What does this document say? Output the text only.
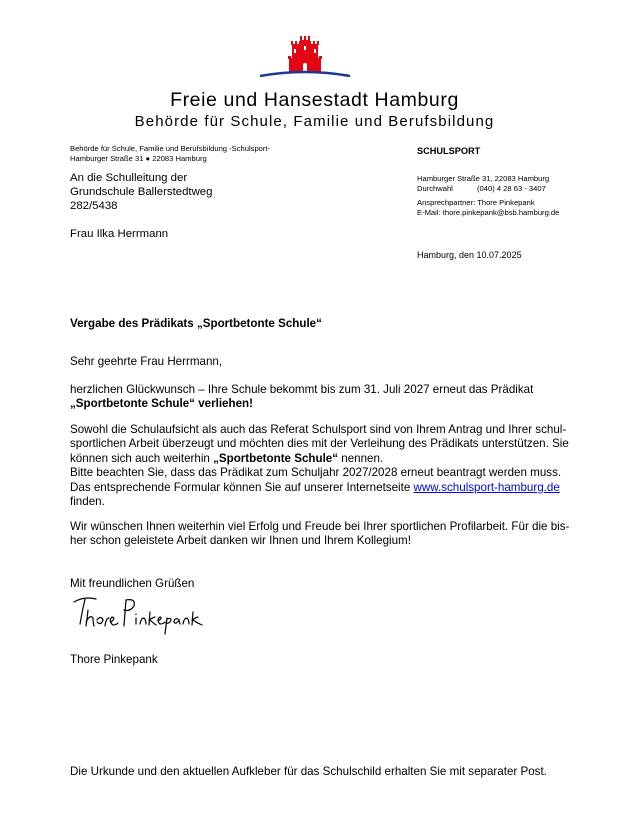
Freie und Hansestadt Hamburg
Behörde für Schule, Familie und Berufsbildung
Behörde für Schule, Familie und Berufsbildung -Schulsport-
Hamburger Straße 31 ● 22083 Hamburg
An die Schulleitung der
Grundschule Ballerstedtweg
282/5438
Frau Ilka Herrmann
SCHULSPORT
Hamburger Straße 31, 22083 Hamburg
Durchwahl	(040) 4 28 63 - 3407
Ansprechpartner: Thore Pinkepank
E-Mail: thore.pinkepank@bsb.hamburg.de
Hamburg, den 10.07.2025
Vergabe des Prädikats „Sportbetonte Schule“
Sehr geehrte Frau Herrmann,
herzlichen Glückwunsch – Ihre Schule bekommt bis zum 31. Juli 2027 erneut das Prädikat
„Sportbetonte Schule“ verliehen!
Sowohl die Schulaufsicht als auch das Referat Schulsport sind von Ihrem Antrag und Ihrer schul-
sportlichen Arbeit überzeugt und möchten dies mit der Verleihung des Prädikats unterstützen. Sie
können sich auch weiterhin „Sportbetonte Schule“ nennen.
Bitte beachten Sie, dass das Prädikat zum Schuljahr 2027/2028 erneut beantragt werden muss.
Das entsprechende Formular können Sie auf unserer Internetseite www.schulsport-hamburg.de
finden.
Wir wünschen Ihnen weiterhin viel Erfolg und Freude bei Ihrer sportlichen Profilarbeit. Für die bis-
her schon geleistete Arbeit danken wir Ihnen und Ihrem Kollegium!
Mit freundlichen Grüßen
Thore Pinkepank
Die Urkunde und den aktuellen Aufkleber für das Schulschild erhalten Sie mit separater Post.
